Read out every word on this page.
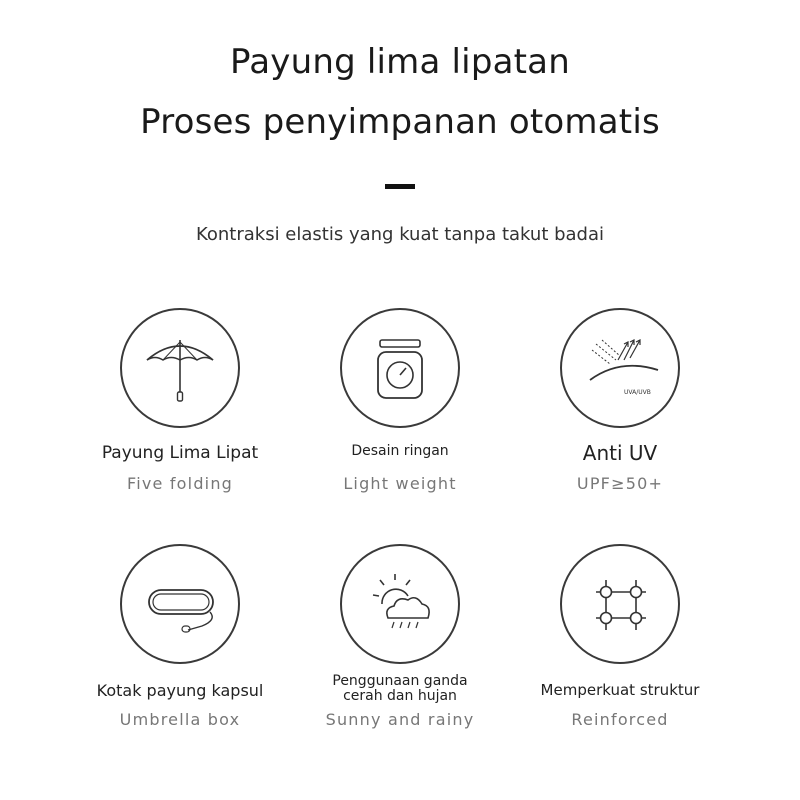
Payung lima lipatan
Proses penyimpanan otomatis

Kontraksi elastis yang kuat tanpa takut badai

Payung Lima Lipat

Five folding

Desain ringan

Light weight

UVA/UVB

Anti UV

UPF≥50+

Kotak payung kapsul

Umbrella box

Penggunaan ganda cerah dan hujan

Sunny and rainy

Memperkuat struktur

Reinforced
